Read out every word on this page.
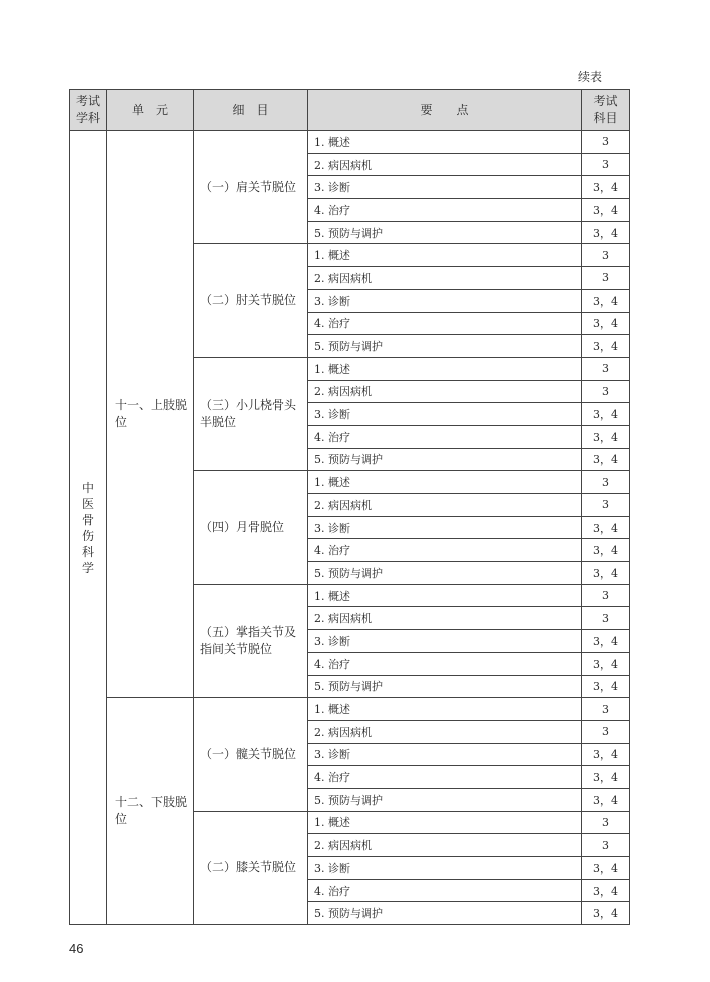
续表
考试学科	单　元	细　目	要　　点	考试科目
中医骨伤科学	十一、上肢脱位	（一）肩关节脱位	1. 概述	3
			2. 病因病机	3
			3. 诊断	3，4
			4. 治疗	3，4
			5. 预防与调护	3，4
		（二）肘关节脱位	1. 概述	3
			2. 病因病机	3
			3. 诊断	3，4
			4. 治疗	3，4
			5. 预防与调护	3，4
		（三）小儿桡骨头半脱位	1. 概述	3
			2. 病因病机	3
			3. 诊断	3，4
			4. 治疗	3，4
			5. 预防与调护	3，4
		（四）月骨脱位	1. 概述	3
			2. 病因病机	3
			3. 诊断	3，4
			4. 治疗	3，4
			5. 预防与调护	3，4
		（五）掌指关节及指间关节脱位	1. 概述	3
			2. 病因病机	3
			3. 诊断	3，4
			4. 治疗	3，4
			5. 预防与调护	3，4
	十二、下肢脱位	（一）髋关节脱位	1. 概述	3
			2. 病因病机	3
			3. 诊断	3，4
			4. 治疗	3，4
			5. 预防与调护	3，4
		（二）膝关节脱位	1. 概述	3
			2. 病因病机	3
			3. 诊断	3，4
			4. 治疗	3，4
			5. 预防与调护	3，4
46
